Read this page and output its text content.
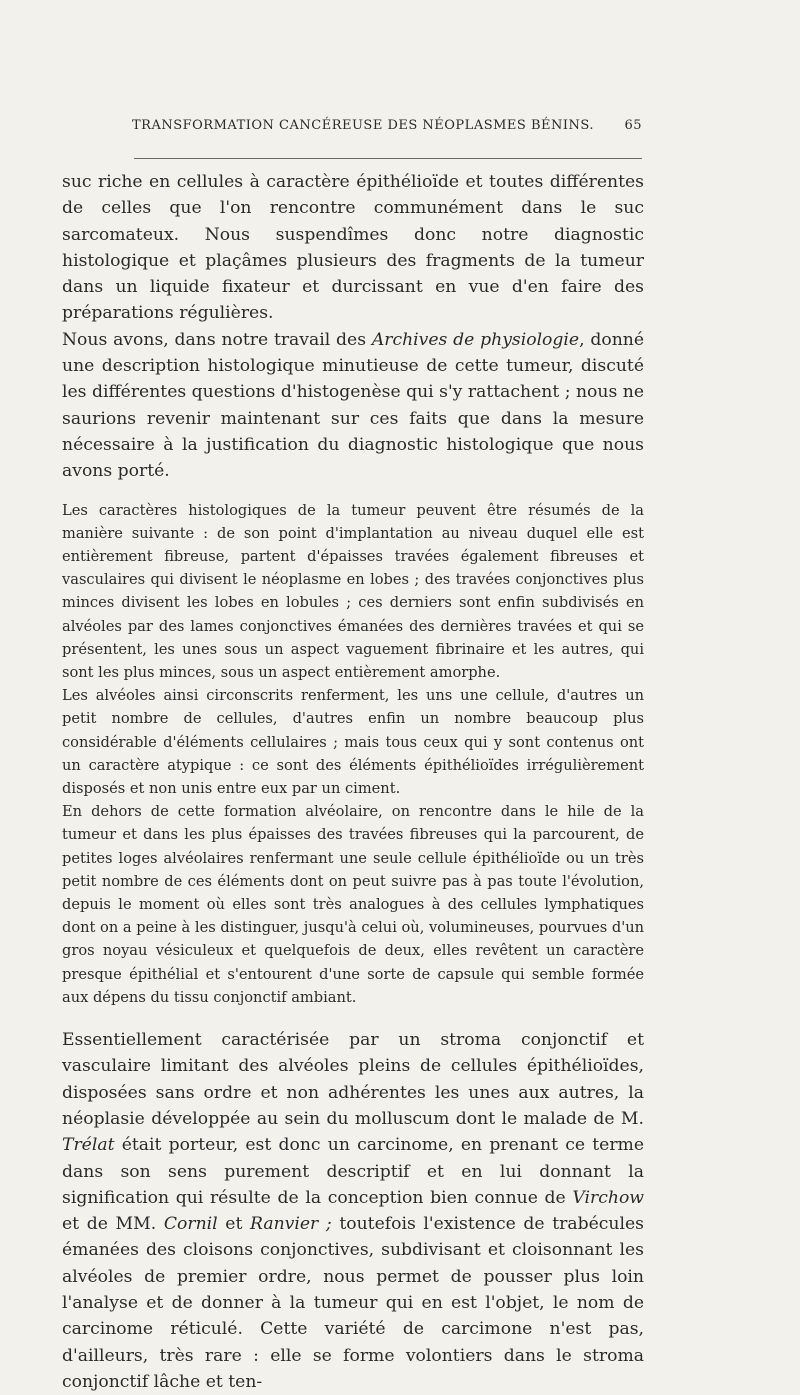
TRANSFORMATION CANCÉREUSE DES NÉOPLASMES BÉNINS. 65

suc riche en cellules à caractère épithélioïde et toutes différentes de celles que l'on rencontre communément dans le suc sarcomateux. Nous suspendîmes donc notre diagnostic histologique et plaçâmes plusieurs des fragments de la tumeur dans un liquide fixateur et durcissant en vue d'en faire des préparations régulières.

Nous avons, dans notre travail des Archives de physiologie, donné une description histologique minutieuse de cette tumeur, discuté les différentes questions d'histogenèse qui s'y rattachent ; nous ne saurions revenir maintenant sur ces faits que dans la mesure nécessaire à la justification du diagnostic histologique que nous avons porté.

Les caractères histologiques de la tumeur peuvent être résumés de la manière suivante : de son point d'implantation au niveau duquel elle est entièrement fibreuse, partent d'épaisses travées également fibreuses et vasculaires qui divisent le néoplasme en lobes ; des travées conjonctives plus minces divisent les lobes en lobules ; ces derniers sont enfin subdivisés en alvéoles par des lames conjonctives émanées des dernières travées et qui se présentent, les unes sous un aspect vaguement fibrinaire et les autres, qui sont les plus minces, sous un aspect entièrement amorphe.

Les alvéoles ainsi circonscrits renferment, les uns une cellule, d'autres un petit nombre de cellules, d'autres enfin un nombre beaucoup plus considérable d'éléments cellulaires ; mais tous ceux qui y sont contenus ont un caractère atypique : ce sont des éléments épithélioïdes irrégulièrement disposés et non unis entre eux par un ciment.

En dehors de cette formation alvéolaire, on rencontre dans le hile de la tumeur et dans les plus épaisses des travées fibreuses qui la parcourent, de petites loges alvéolaires renfermant une seule cellule épithélioïde ou un très petit nombre de ces éléments dont on peut suivre pas à pas toute l'évolution, depuis le moment où elles sont très analogues à des cellules lymphatiques dont on a peine à les distinguer, jusqu'à celui où, volumineuses, pourvues d'un gros noyau vésiculeux et quelquefois de deux, elles revêtent un caractère presque épithélial et s'entourent d'une sorte de capsule qui semble formée aux dépens du tissu conjonctif ambiant.

Essentiellement caractérisée par un stroma conjonctif et vasculaire limitant des alvéoles pleins de cellules épithélioïdes, disposées sans ordre et non adhérentes les unes aux autres, la néoplasie développée au sein du molluscum dont le malade de M. Trélat était porteur, est donc un carcinome, en prenant ce terme dans son sens purement descriptif et en lui donnant la signification qui résulte de la conception bien connue de Virchow et de MM. Cornil et Ranvier ; toutefois l'existence de trabécules émanées des cloisons conjonctives, subdivisant et cloisonnant les alvéoles de premier ordre, nous permet de pousser plus loin l'analyse et de donner à la tumeur qui en est l'objet, le nom de carcinome réticulé. Cette variété de carcimone n'est pas, d'ailleurs, très rare : elle se forme volontiers dans le stroma conjonctif lâche et ten-
